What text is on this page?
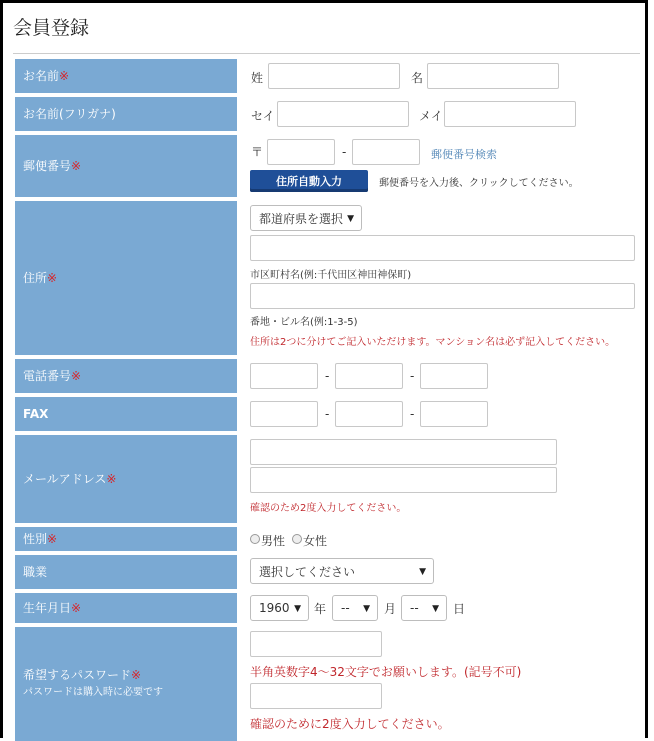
会員登録
お名前※	姓	名
お名前(フリガナ)	セイ	メイ
郵便番号※
〒	-	郵便番号検索
住所自動入力	郵便番号を入力後、クリックしてください。
住所※
都道府県を選択 ▼
市区町村名(例:千代田区神田神保町)
番地・ビル名(例:1-3-5)
住所は2つに分けてご記入いただけます。マンション名は必ず記入してください。
電話番号※	-	-
FAX	-	-
メールアドレス※
確認のため2度入力してください。
性別※	男性 女性
職業	選択してください	▼
生年月日※	1960 ▼ 年 -- ▼ 月 -- ▼ 日
希望するパスワード※
パスワードは購入時に必要です
半角英数字4～32文字でお願いします。(記号不可)
確認のために2度入力してください。
